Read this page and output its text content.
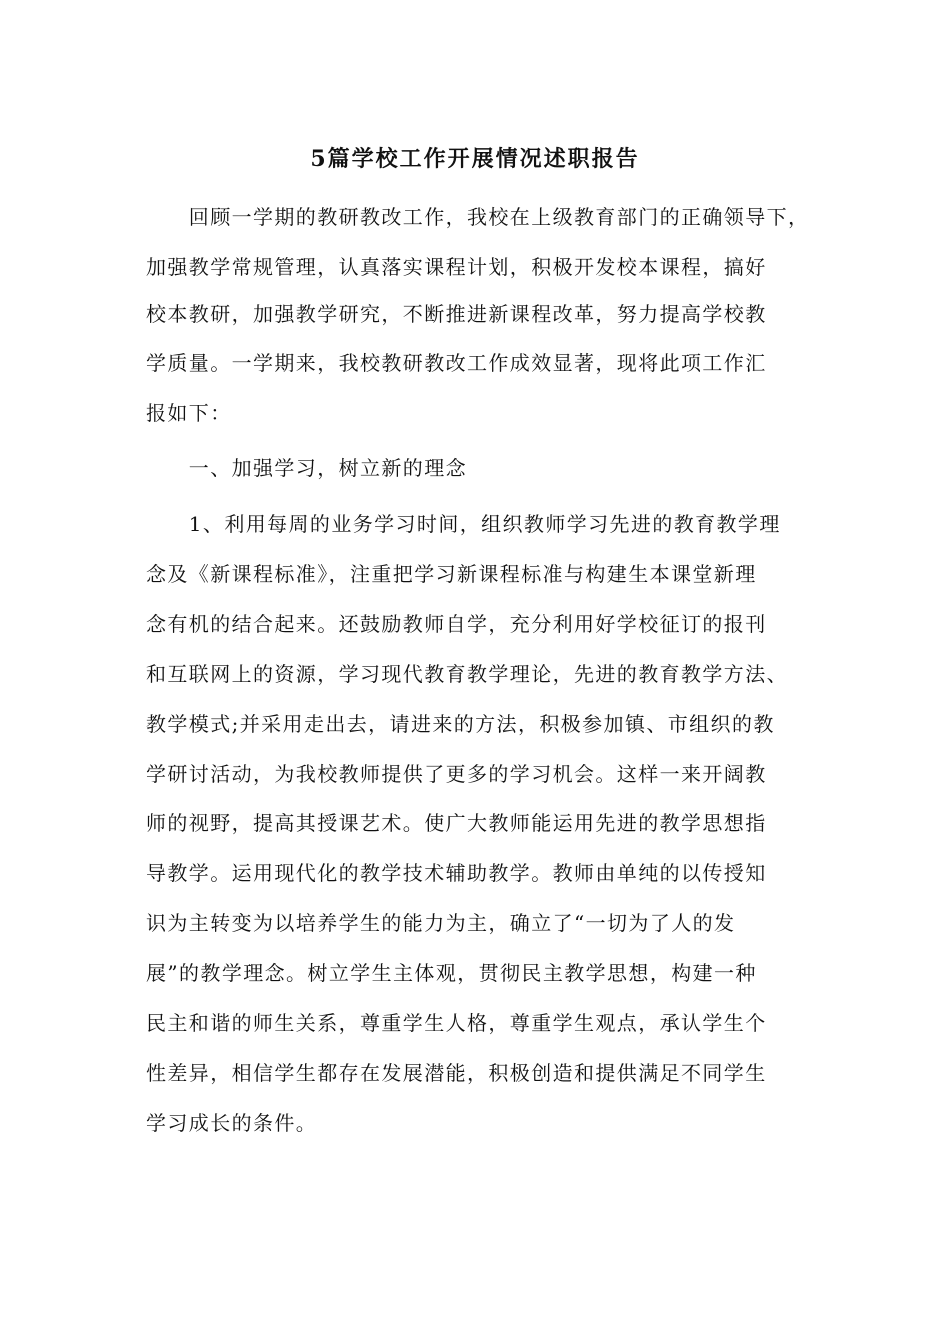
5篇学校工作开展情况述职报告
　　回顾一学期的教研教改工作，我校在上级教育部门的正确领导下，
加强教学常规管理，认真落实课程计划，积极开发校本课程，搞好
校本教研，加强教学研究，不断推进新课程改革，努力提高学校教
学质量。一学期来，我校教研教改工作成效显著，现将此项工作汇
报如下：
　　一、加强学习，树立新的理念
　　1、利用每周的业务学习时间，组织教师学习先进的教育教学理
念及《新课程标准》，注重把学习新课程标准与构建生本课堂新理
念有机的结合起来。还鼓励教师自学，充分利用好学校征订的报刊
和互联网上的资源，学习现代教育教学理论，先进的教育教学方法、
教学模式;并采用走出去，请进来的方法，积极参加镇、市组织的教
学研讨活动，为我校教师提供了更多的学习机会。这样一来开阔教
师的视野，提高其授课艺术。使广大教师能运用先进的教学思想指
导教学。运用现代化的教学技术辅助教学。教师由单纯的以传授知
识为主转变为以培养学生的能力为主，确立了“一切为了人的发
展”的教学理念。树立学生主体观，贯彻民主教学思想，构建一种
民主和谐的师生关系，尊重学生人格，尊重学生观点，承认学生个
性差异，相信学生都存在发展潜能，积极创造和提供满足不同学生
学习成长的条件。
